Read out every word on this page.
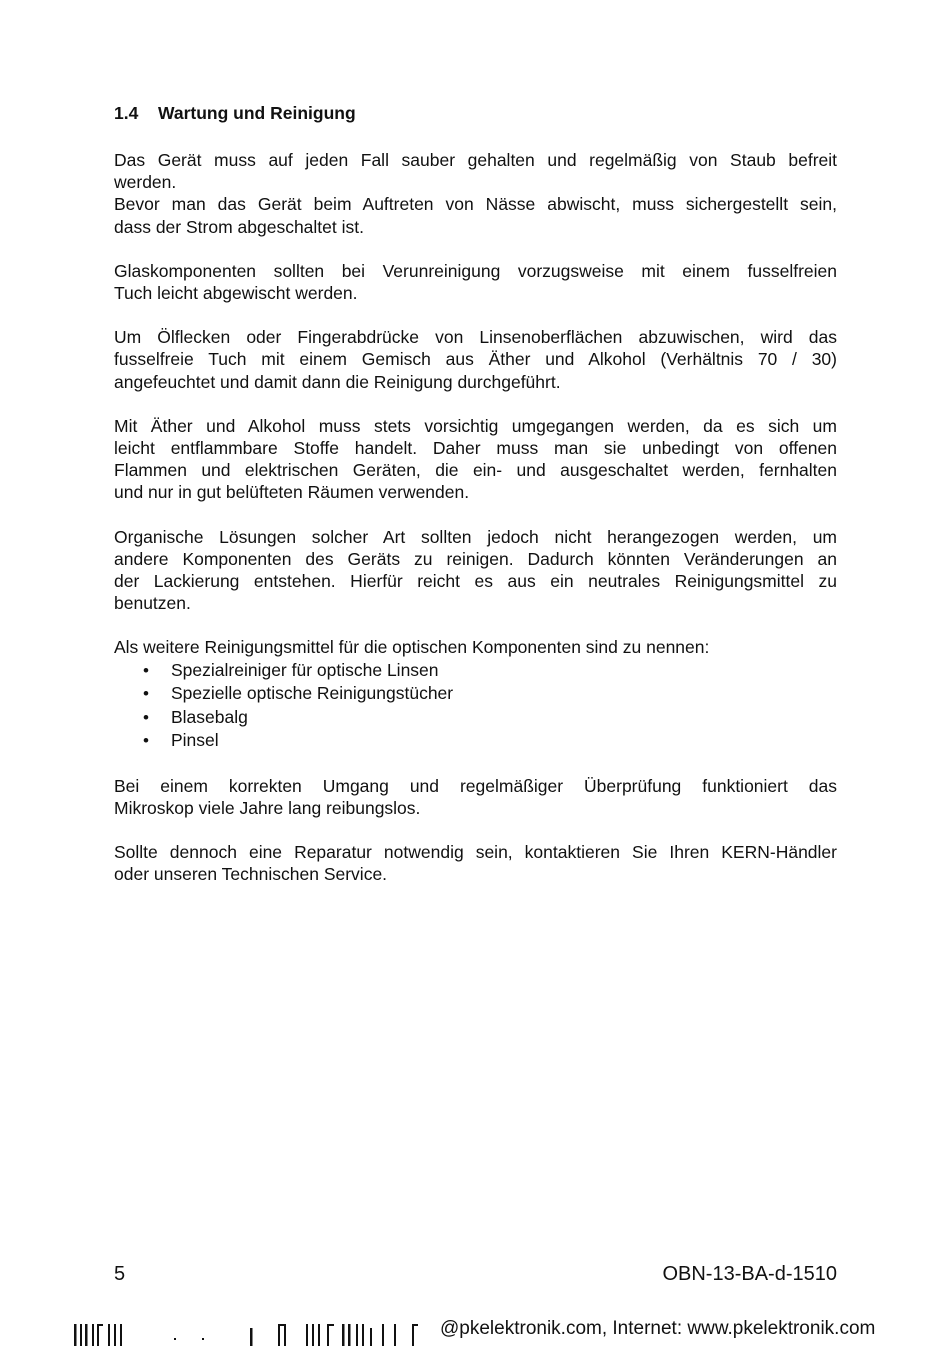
1.4	Wartung und Reinigung
Das Gerät muss auf jeden Fall sauber gehalten und regelmäßig von Staub befreit
werden.
Bevor man das Gerät beim Auftreten von Nässe abwischt, muss sichergestellt sein,
dass der Strom abgeschaltet ist.
Glaskomponenten sollten bei Verunreinigung vorzugsweise mit einem fusselfreien
Tuch leicht abgewischt werden.
Um Ölflecken oder Fingerabdrücke von Linsenoberflächen abzuwischen, wird das
fusselfreie Tuch mit einem Gemisch aus Äther und Alkohol (Verhältnis 70 / 30)
angefeuchtet und damit dann die Reinigung durchgeführt.
Mit Äther und Alkohol muss stets vorsichtig umgegangen werden, da es sich um
leicht entflammbare Stoffe handelt. Daher muss man sie unbedingt von offenen
Flammen und elektrischen Geräten, die ein- und ausgeschaltet werden, fernhalten
und nur in gut belüfteten Räumen verwenden.
Organische Lösungen solcher Art sollten jedoch nicht herangezogen werden, um
andere Komponenten des Geräts zu reinigen. Dadurch könnten Veränderungen an
der Lackierung entstehen. Hierfür reicht es aus ein neutrales Reinigungsmittel zu
benutzen.
Als weitere Reinigungsmittel für die optischen Komponenten sind zu nennen:
• Spezialreiniger für optische Linsen
• Spezielle optische Reinigungstücher
• Blasebalg
• Pinsel
Bei einem korrekten Umgang und regelmäßiger Überprüfung funktioniert das
Mikroskop viele Jahre lang reibungslos.
Sollte dennoch eine Reparatur notwendig sein, kontaktieren Sie Ihren KERN-Händler
oder unseren Technischen Service.
5	OBN-13-BA-d-1510
@pkelektronik.com, Internet: www.pkelektronik.com
